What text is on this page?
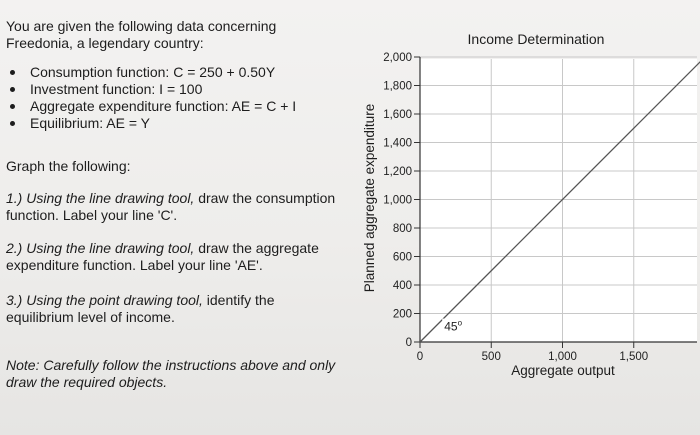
You are given the following data concerning Freedonia, a legendary country:

Consumption function: C = 250 + 0.50Y
Investment function: I = 100
Aggregate expenditure function: AE = C + I
Equilibrium: AE = Y

Graph the following:

1.) Using the line drawing tool, draw the consumption function. Label your line 'C'.

2.) Using the line drawing tool, draw the aggregate expenditure function. Label your line 'AE'.

3.) Using the point drawing tool, identify the equilibrium level of income.

Note: Carefully follow the instructions above and only draw the required objects.

0
200
400
600
800
1,000
1,200
1,400
1,600
1,800
2,000
0	500	1,000	1,500
Income Determination
Aggregate output
Planned aggregate expenditure
45$^o$
